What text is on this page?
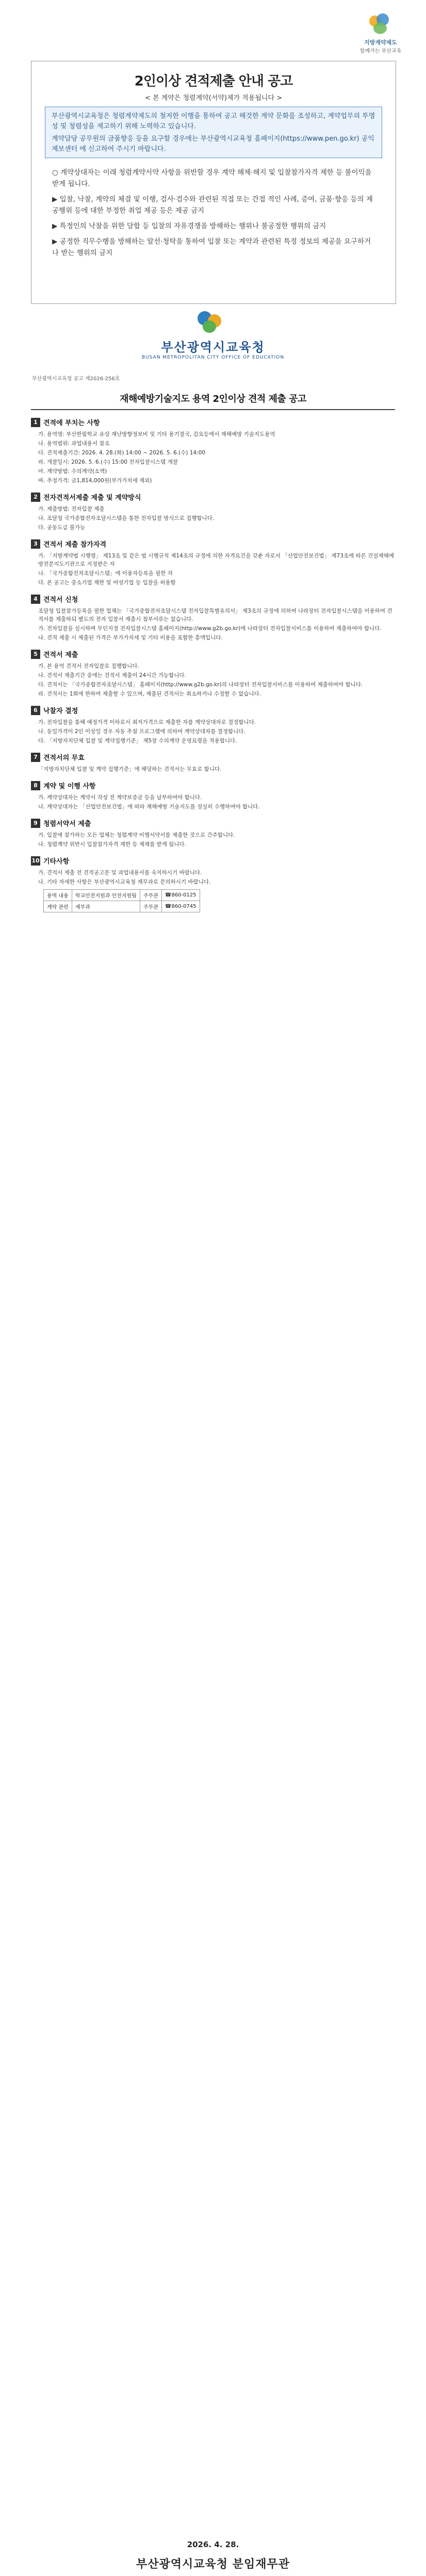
지방계약제도
함께가는 부산교육
2인이상 견적제출 안내 공고
< 본 계약은 청렴계약(서약)제가 적용됩니다 >
부산광역시교육청은 청렴계약제도의 철저한 이행을 통하여 공고 해것한 계약 문화를 조성하고, 계약업무의 투명성 및 청렴성을 제고하기 위해 노력하고 있습니다.
계약담당 공무원의 금품향응 등을 요구할 경우에는 부산광역시교육청 홈페이지(https://www.pen.go.kr) 공익제보센터 에 신고하여 주시기 바랍니다.

○ 계약상대자는 이래 청렴계약서약 사항을 위반할 경우 계약 해제·해지 및 입찰참가자격 제한 등 불이익을 받게 됩니다.

▶ 입찰, 낙찰, 계약의 체결 및 이행, 검사·검수와 관련된 직접 또는 간접 적인 사례, 증여, 금품·향응 등의 제공행위 등에 대한 부정한 취업 제공 등은 제공 금지

▶ 특정인의 낙찰을 위한 담합 등 입찰의 자유경쟁을 방해하는 행위나 불공정한 행위의 금지

▶ 공정한 직무수행을 방해하는 알선·청탁을 통하여 입찰 또는 계약과 관련된 특정 정보의 제공을 요구하거나 받는 행위의 금지

부산광역시교육청
BUSAN METROPOLITAN CITY OFFICE OF EDUCATION
부산광역시교육청 공고 제2026-256호
재해예방기술지도 용역 2인이상 견적 제출 공고
1 견적에 부치는 사항
가. 용역명: 부산한림학교 유상 재난방향정보비 및 기타 용기결국, 감요등에서 재해예방 기술지도용역
나. 용역범위: 과업내용서 참조
다. 견적제출기간: 2026. 4. 28.(화) 14:00 ~ 2026. 5. 6.(수) 14:00
라. 개찰일시: 2026. 5. 6.(수) 15:00 전자입찰시스템 개찰
마. 계약방법: 수의계약(소액)
바. 추정가격: 금1,814,000원(부가가치세 제외)
2 전자견적서제출 제출 및 계약방식
가. 제출방법: 전자입찰 제출
나. 조달청 국가종합전자조달시스템을 통한 전자입찰 방식으로 집행합니다.
다. 공동도급 불가능
3 견적서 제출 참가자격
가. 「지방계약법 시행령」 제13조 및 같은 법 시행규칙 제14조의 규정에 의한 자격요건을 갖춘 자로서 「산업안전보건법」 제73조에 따른 건설재해예방전문지도기관으로 지정받은 자
나. 「국가종합전자조달시스템」에 이용자등록을 필한 자
다. 본 공고는 중소기업 제한 및 여성기업 등 입찰을 허용함
4 견적서 신청
조달청 입찰참가등록을 필한 업체는 「국가종합전자조달시스템 전자입찰특별유의서」 제3조의 규정에 의하여 나라장터 전자입찰시스템을 이용하여 견적서를 제출하되 별도의 전자 입찰서 제출시 첨부서류는 없습니다.
가. 전자입찰을 실시하며 무인지정 전자입찰시스템 홈페이지(http://www.g2b.go.kr)에 나라장터 전자입찰서비스를 이용하여 제출하여야 합니다.
나. 견적 제출 시 제출된 가격은 부가가치세 및 기타 비용을 포함한 총액입니다.
5 견적서 제출
가. 본 용역 견적서 전자입찰로 집행합니다.
나. 견적서 제출기간 중에는 견적서 제출이 24시간 가능합니다.
다. 견적서는 「국가종합전자조달시스템」 홈페이지(http://www.g2b.go.kr)의 나라장터 전자입찰서비스를 이용하여 제출하여야 합니다.
라. 견적서는 1회에 한하여 제출할 수 있으며, 제출된 견적서는 취소하거나 수정할 수 없습니다.
6 낙찰자 결정
가. 전자입찰을 통해 예정가격 이하로서 최저가격으로 제출한 자를 계약상대자로 결정합니다.
나. 동일가격이 2인 이상일 경우 자동 추첨 프로그램에 의하여 계약상대자를 결정합니다.
다. 「지방자치단체 입찰 및 계약집행기준」 제5장 수의계약 운영요령을 적용합니다.
7 견적서의 무효
「지방자치단체 입찰 및 계약 집행기준」에 해당하는 견적서는 무효로 합니다.
8 계약 및 이행 사항
가. 계약상대자는 계약서 작성 전 계약보증금 등을 납부하여야 합니다.
나. 계약상대자는 「산업안전보건법」에 따라 재해예방 기술지도를 성실히 수행하여야 합니다.
9 청렴서약서 제출
가. 입찰에 참가하는 모든 업체는 청렴계약 이행서약서를 제출한 것으로 간주합니다.
나. 청렴계약 위반시 입찰참가자격 제한 등 제재를 받게 됩니다.
10 기타사항
가. 견적서 제출 전 견적공고문 및 과업내용서를 숙지하시기 바랍니다.
나. 기타 자세한 사항은 부산광역시교육청 재무과로 문의하시기 바랍니다.
용역 내용	학교안전지원과 안전지원팀	주무관	☎860-0125
계약 관련	재무과	주무관	☎860-0745
2026. 4. 28.
부산광역시교육청 분임재무관
